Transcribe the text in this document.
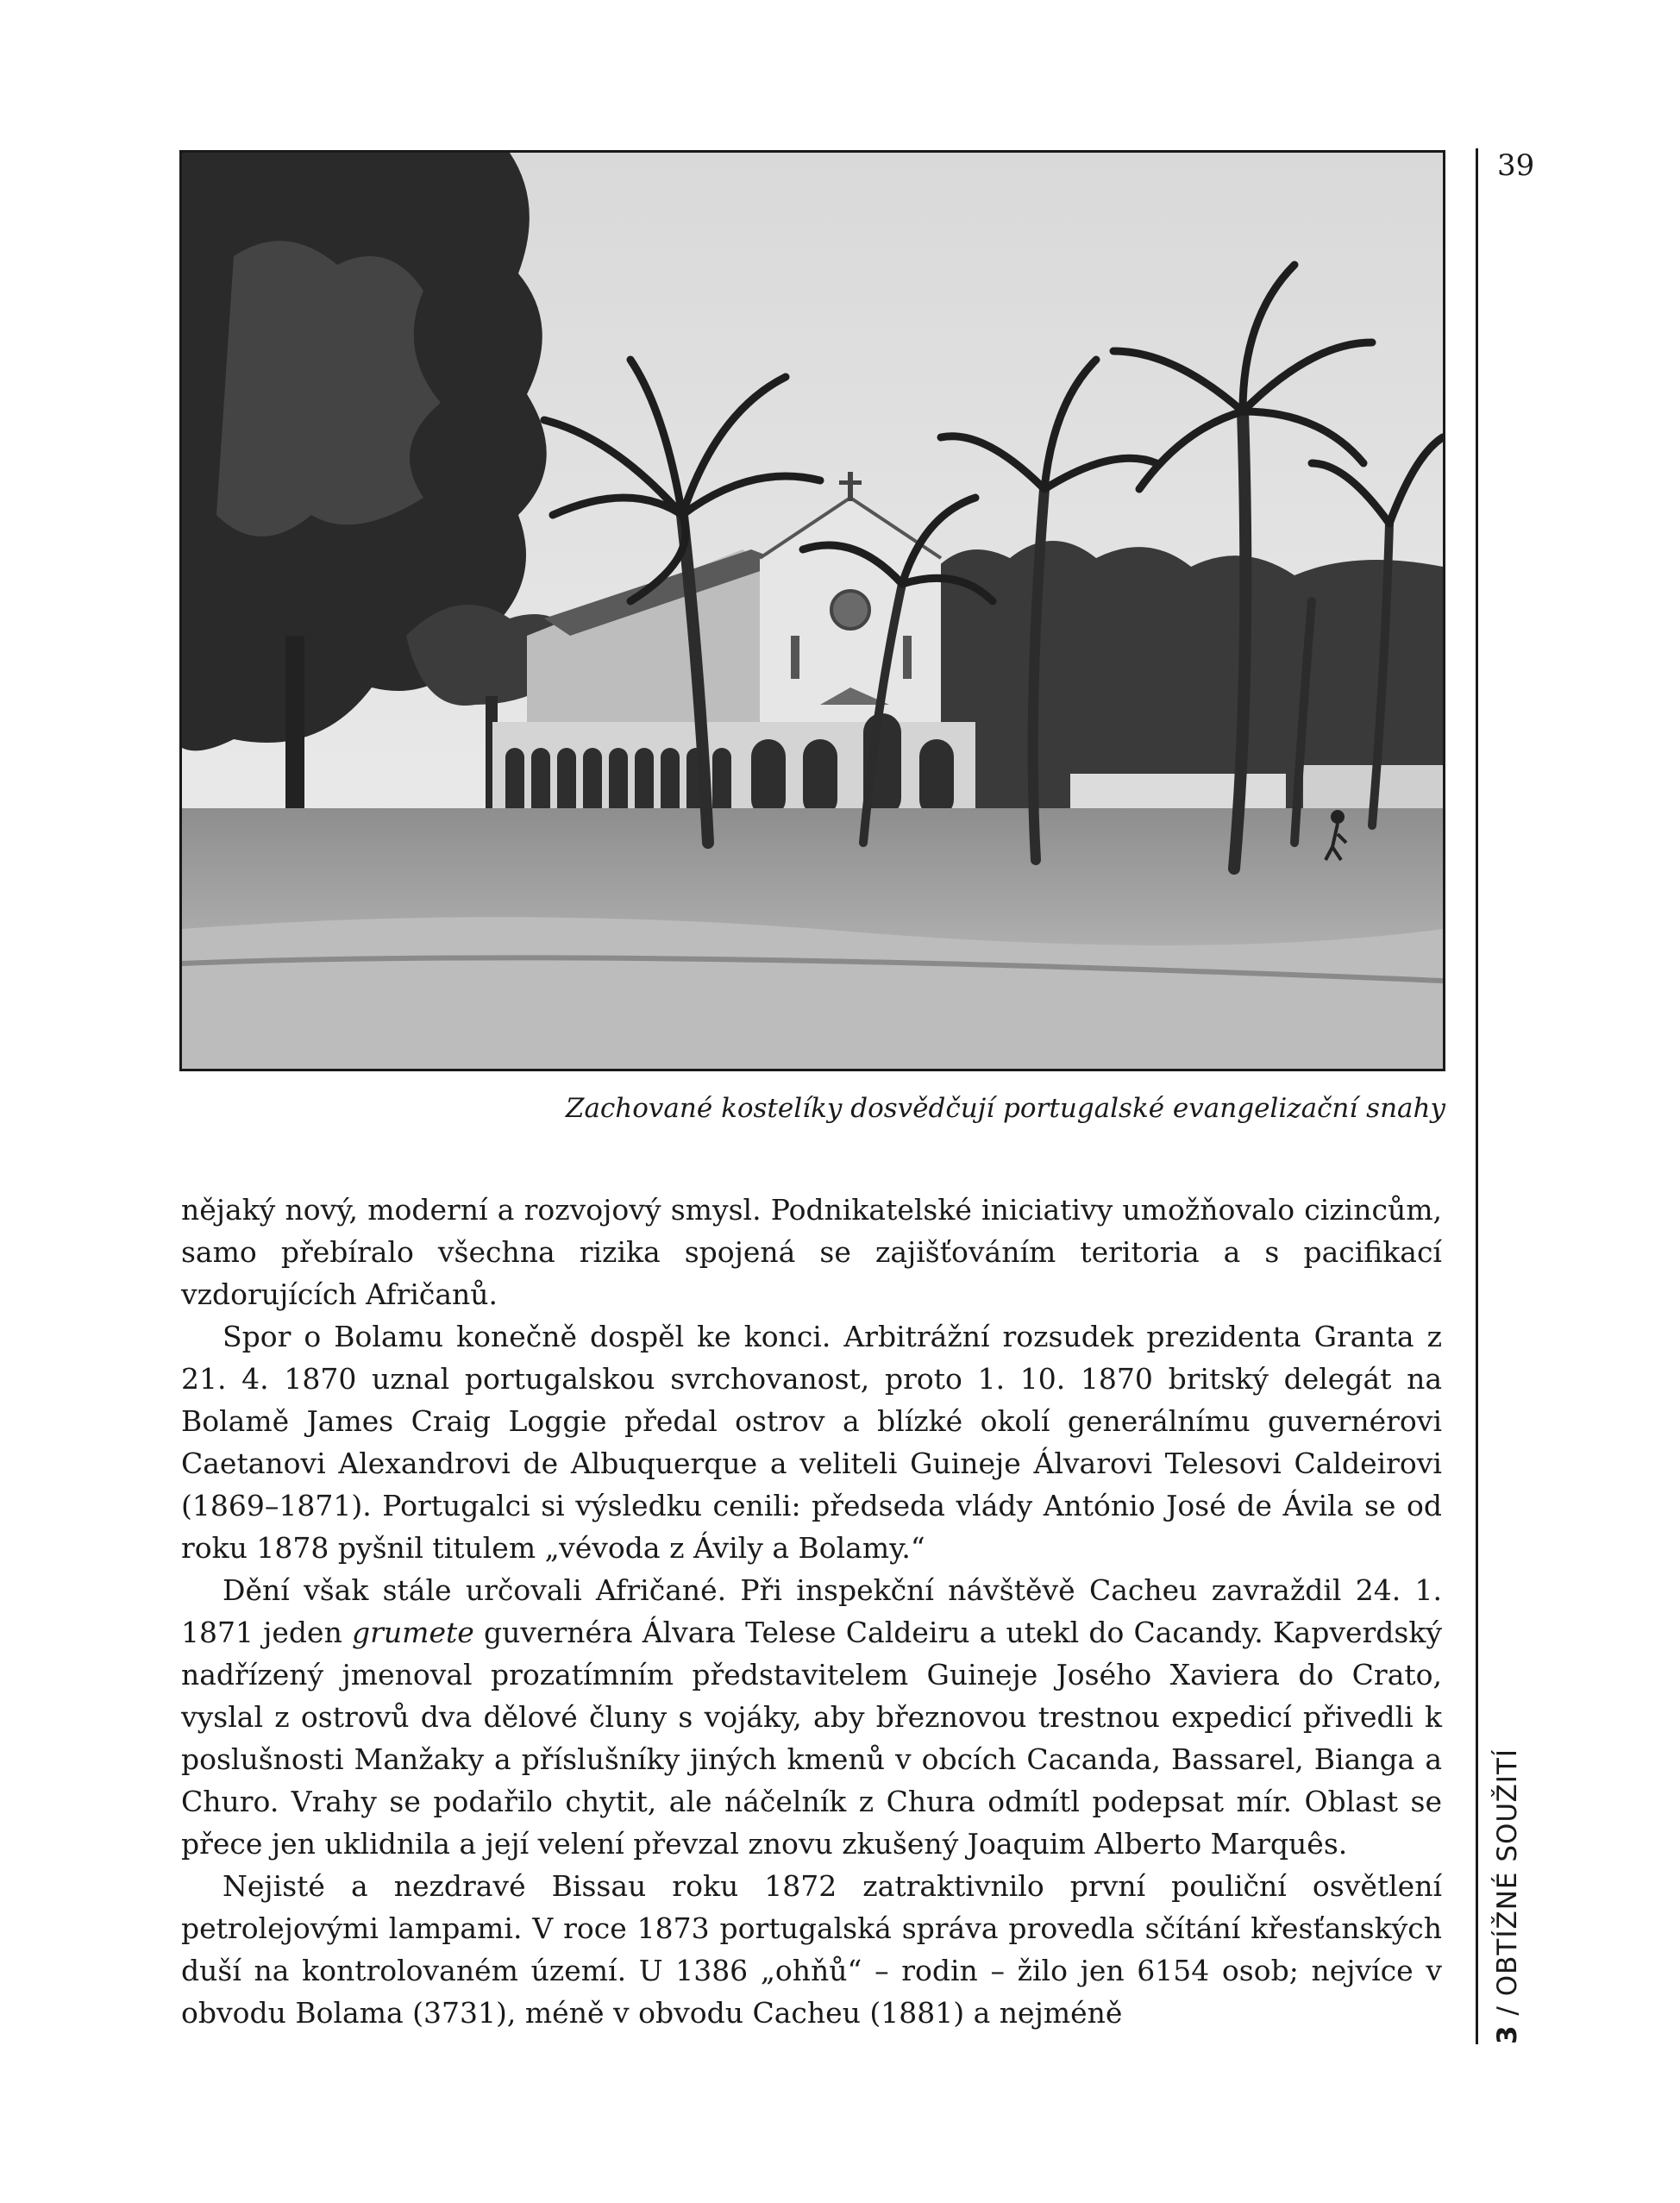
39
3 / OBTÍŽNÉ SOUŽITÍ
Zachované kostelíky dosvědčují portugalské evangelizační snahy

nějaký nový, moderní a rozvojový smysl. Podnikatelské iniciativy umožňovalo cizincům, samo přebíralo všechna rizika spojená se zajišťováním teritoria a s pacifikací vzdorujících Afričanů.

Spor o Bolamu konečně dospěl ke konci. Arbitrážní rozsudek prezidenta Granta z 21. 4. 1870 uznal portugalskou svrchovanost, proto 1. 10. 1870 britský delegát na Bolamě James Craig Loggie předal ostrov a blízké okolí generálnímu guvernérovi Caetanovi Alexandrovi de Albuquerque a veliteli Guineje Álvarovi Telesovi Caldeirovi (1869–1871). Portugalci si výsledku cenili: předseda vlády António José de Ávila se od roku 1878 pyšnil titulem „vévoda z Ávily a Bolamy.“

Dění však stále určovali Afričané. Při inspekční návštěvě Cacheu zavraždil 24. 1. 1871 jeden grumete guvernéra Álvara Telese Caldeiru a utekl do Cacandy. Kapverdský nadřízený jmenoval prozatímním představitelem Guineje Josého Xaviera do Crato, vyslal z ostrovů dva dělové čluny s vojáky, aby březnovou trestnou expedicí přivedli k poslušnosti Manžaky a příslušníky jiných kmenů v obcích Cacanda, Bassarel, Bianga a Churo. Vrahy se podařilo chytit, ale náčelník z Chura odmítl podepsat mír. Oblast se přece jen uklidnila a její velení převzal znovu zkušený Joaquim Alberto Marquês.

Nejisté a nezdravé Bissau roku 1872 zatraktivnilo první pouliční osvětlení petrolejovými lampami. V roce 1873 portugalská správa provedla sčítání křesťanských duší na kontrolovaném území. U 1386 „ohňů“ – rodin – žilo jen 6154 osob; nejvíce v obvodu Bolama (3731), méně v obvodu Cacheu (1881) a nejméně
